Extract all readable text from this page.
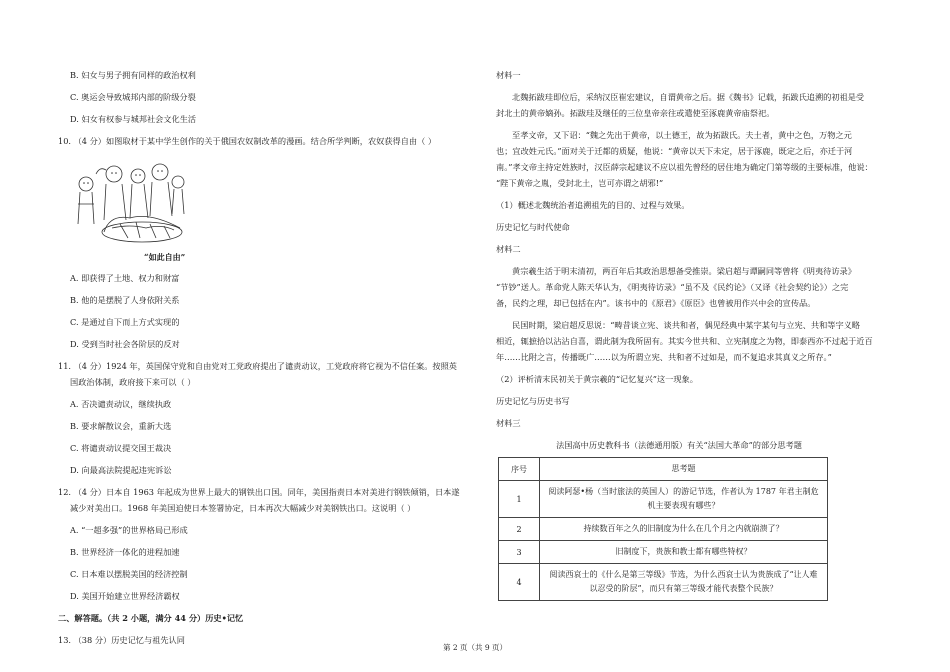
B. 妇女与男子拥有同样的政治权利

C. 奥运会导致城邦内部的阶级分裂

D. 妇女有权参与城邦社会文化生活

10. （4 分）如图取材于某中学生创作的关于俄国农奴制改革的漫画。结合所学判断，农奴获得自由（ ）

“如此自由”

A. 即获得了土地、权力和财富

B. 他的是摆脱了人身依附关系

C. 是通过自下而上方式实现的

D. 受到当时社会各阶层的反对

11. （4 分）1924 年，英国保守党和自由党对工党政府提出了谴责动议，工党政府将它视为不信任案。按照英

国政治体制，政府接下来可以（ ）

A. 否决谴责动议，继续执政

B. 要求解散议会，重新大选

C. 将谴责动议提交国王裁决

D. 向最高法院提起违宪诉讼

12. （4 分）日本自 1963 年起成为世界上最大的钢铁出口国。同年，美国指责日本对美进行钢铁倾销，日本遂

减少对美出口。1968 年美国迫使日本签署协定，日本再次大幅减少对美钢铁出口。这说明（ ）

A. “一超多强”的世界格局已形成

B. 世界经济一体化的进程加速

C. 日本难以摆脱美国的经济控制

D. 美国开始建立世界经济霸权

二、解答题。（共 2 小题，满分 44 分）历史•记忆

13. （38 分）历史记忆与祖先认同

材料一

北魏拓跋珪即位后，采纳汉臣崔宏建议，自谓黄帝之后。据《魏书》记载，拓跋氏追溯的初祖是受

封北土的黄帝嫡孙。拓跋珪及继任的三位皇帝亲往或遣使至涿鹿黄帝庙祭祀。

至孝文帝，又下诏：“魏之先出于黄帝，以土德王，故为拓跋氏。夫土者，黄中之色，万物之元

也；宜改姓元氏。”面对关于迁都的质疑，他说：“黄帝以天下未定，居于涿鹿，既定之后，亦迁于河

南。”孝文帝主持定姓族时，汉臣薛宗起建议不应以祖先曾经的居住地为确定门第等级的主要标准，他说：

“陛下黄帝之胤，受封北土，岂可亦谓之胡邪!”

（1）概述北魏统治者追溯祖先的目的、过程与效果。

历史记忆与时代使命

材料二

黄宗羲生活于明末清初，两百年后其政治思想备受推崇。梁启超与谭嗣同等曾将《明夷待访录》

“节钞”送人。革命党人陈天华认为，《明夷待访录》“虽不及《民约论》（又译《社会契约论》）之完

备，民约之理，却已包括在内”。该书中的《原君》《原臣》也曾被用作兴中会的宣传品。

民国时期，梁启超反思说：“畴昔谈立宪、谈共和者，偶见经典中某字某句与立宪、共和等字义略

相近，辄摭拾以沾沾自喜，谓此制为我所固有。其实今世共和、立宪制度之为物，即泰西亦不过起于近百

年……比附之言，传播既广……以为所谓立宪、共和者不过如是，而不复追求其真义之所存。”

（2）评析清末民初关于黄宗羲的“记忆复兴”这一现象。

历史记忆与历史书写

材料三

法国高中历史教科书（法德通用版）有关“法国大革命”的部分思考题

序号	思考题
1	阅读阿瑟•杨（当时旅法的英国人）的游记节选，作者认为 1787 年君主制危机主要表现有哪些？
2	持续数百年之久的旧制度为什么在几个月之内就崩溃了？
3	旧制度下，贵族和教士都有哪些特权？
4	阅读西哀士的《什么是第三等级》节选，为什么西哀士认为贵族成了“让人难以忍受的阶层”，而只有第三等级才能代表整个民族？
第 2 页（共 9 页）
